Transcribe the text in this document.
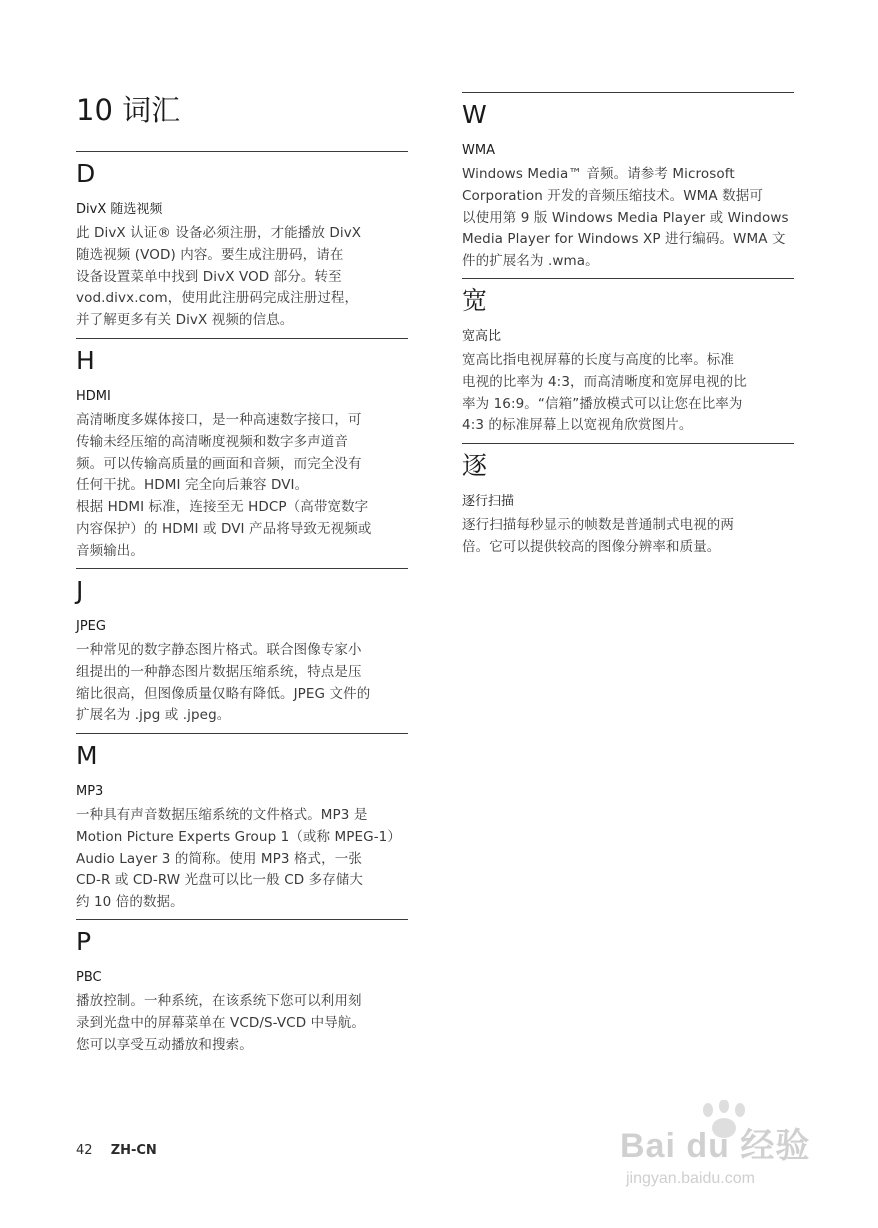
10 词汇
D
DivX 随选视频

此 DivX 认证® 设备必须注册，才能播放 DivX

随选视频 (VOD) 内容。要生成注册码，请在

设备设置菜单中找到 DivX VOD 部分。转至

vod.divx.com，使用此注册码完成注册过程，

并了解更多有关 DivX 视频的信息。

H
HDMI

高清晰度多媒体接口，是一种高速数字接口，可

传输未经压缩的高清晰度视频和数字多声道音

频。可以传输高质量的画面和音频，而完全没有

任何干扰。HDMI 完全向后兼容 DVI。

根据 HDMI 标准，连接至无 HDCP（高带宽数字

内容保护）的 HDMI 或 DVI 产品将导致无视频或

音频输出。

J
JPEG

一种常见的数字静态图片格式。联合图像专家小

组提出的一种静态图片数据压缩系统，特点是压

缩比很高，但图像质量仅略有降低。JPEG 文件的

扩展名为 .jpg 或 .jpeg。

M
MP3

一种具有声音数据压缩系统的文件格式。MP3 是

Motion Picture Experts Group 1（或称 MPEG-1）

Audio Layer 3 的简称。使用 MP3 格式，一张

CD-R 或 CD-RW 光盘可以比一般 CD 多存储大

约 10 倍的数据。

P
PBC

播放控制。一种系统，在该系统下您可以利用刻

录到光盘中的屏幕菜单在 VCD/S-VCD 中导航。

您可以享受互动播放和搜索。

W
WMA

Windows Media™ 音频。请参考 Microsoft

Corporation 开发的音频压缩技术。WMA 数据可

以使用第 9 版 Windows Media Player 或 Windows

Media Player for Windows XP 进行编码。WMA 文

件的扩展名为 .wma。

宽
宽高比

宽高比指电视屏幕的长度与高度的比率。标准

电视的比率为 4:3，而高清晰度和宽屏电视的比

率为 16:9。“信箱”播放模式可以让您在比率为

4:3 的标准屏幕上以宽视角欣赏图片。

逐
逐行扫描

逐行扫描每秒显示的帧数是普通制式电视的两

倍。它可以提供较高的图像分辨率和质量。

42 ZH-CN	Bai du 经验
jingyan.baidu.com
